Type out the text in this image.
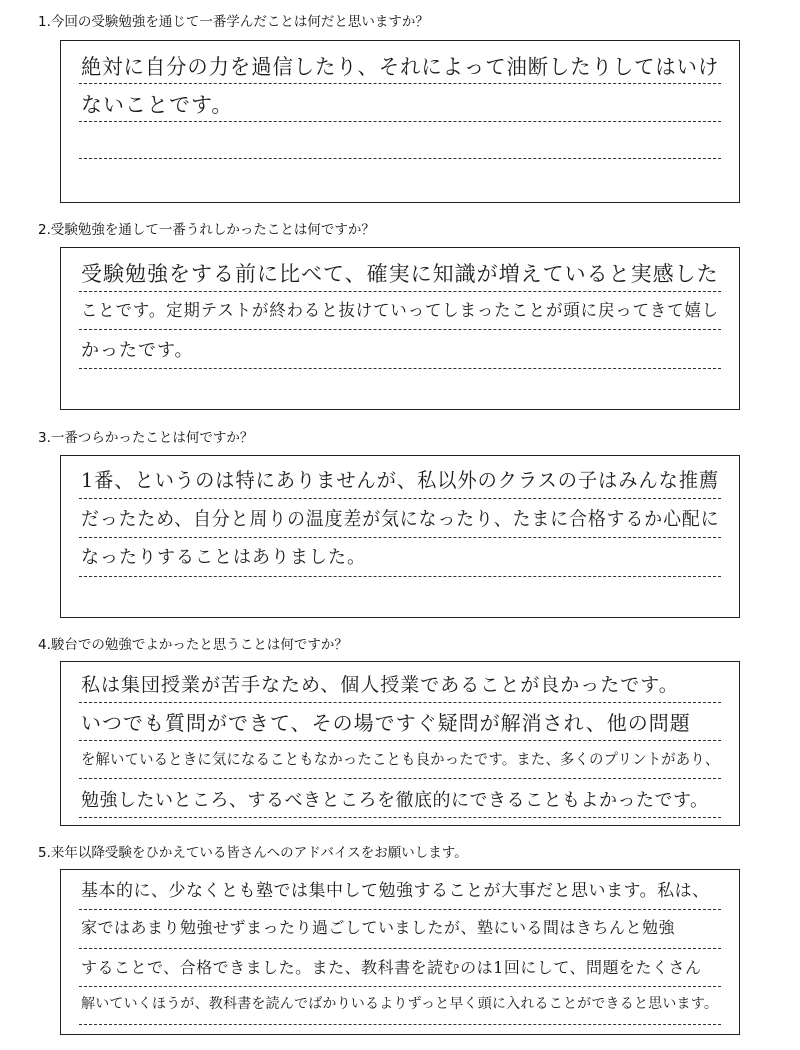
1.今回の受験勉強を通じて一番学んだことは何だと思いますか？
絶対に自分の力を過信したり、それによって油断したりしてはいけ
ないことです。
2.受験勉強を通して一番うれしかったことは何ですか？
受験勉強をする前に比べて、確実に知識が増えていると実感した
ことです。定期テストが終わると抜けていってしまったことが頭に戻ってきて嬉し
かったです。
3.一番つらかったことは何ですか？
1番、というのは特にありませんが、私以外のクラスの子はみんな推薦
だったため、自分と周りの温度差が気になったり、たまに合格するか心配に
なったりすることはありました。
4.駿台での勉強でよかったと思うことは何ですか？
私は集団授業が苦手なため、個人授業であることが良かったです。
いつでも質問ができて、その場ですぐ疑問が解消され、他の問題
を解いているときに気になることもなかったことも良かったです。また、多くのプリントがあり、
勉強したいところ、するべきところを徹底的にできることもよかったです。
5.来年以降受験をひかえている皆さんへのアドバイスをお願いします。
基本的に、少なくとも塾では集中して勉強することが大事だと思います。私は、
家ではあまり勉強せずまったり過ごしていましたが、塾にいる間はきちんと勉強
することで、合格できました。また、教科書を読むのは1回にして、問題をたくさん
解いていくほうが、教科書を読んでばかりいるよりずっと早く頭に入れることができると思います。
